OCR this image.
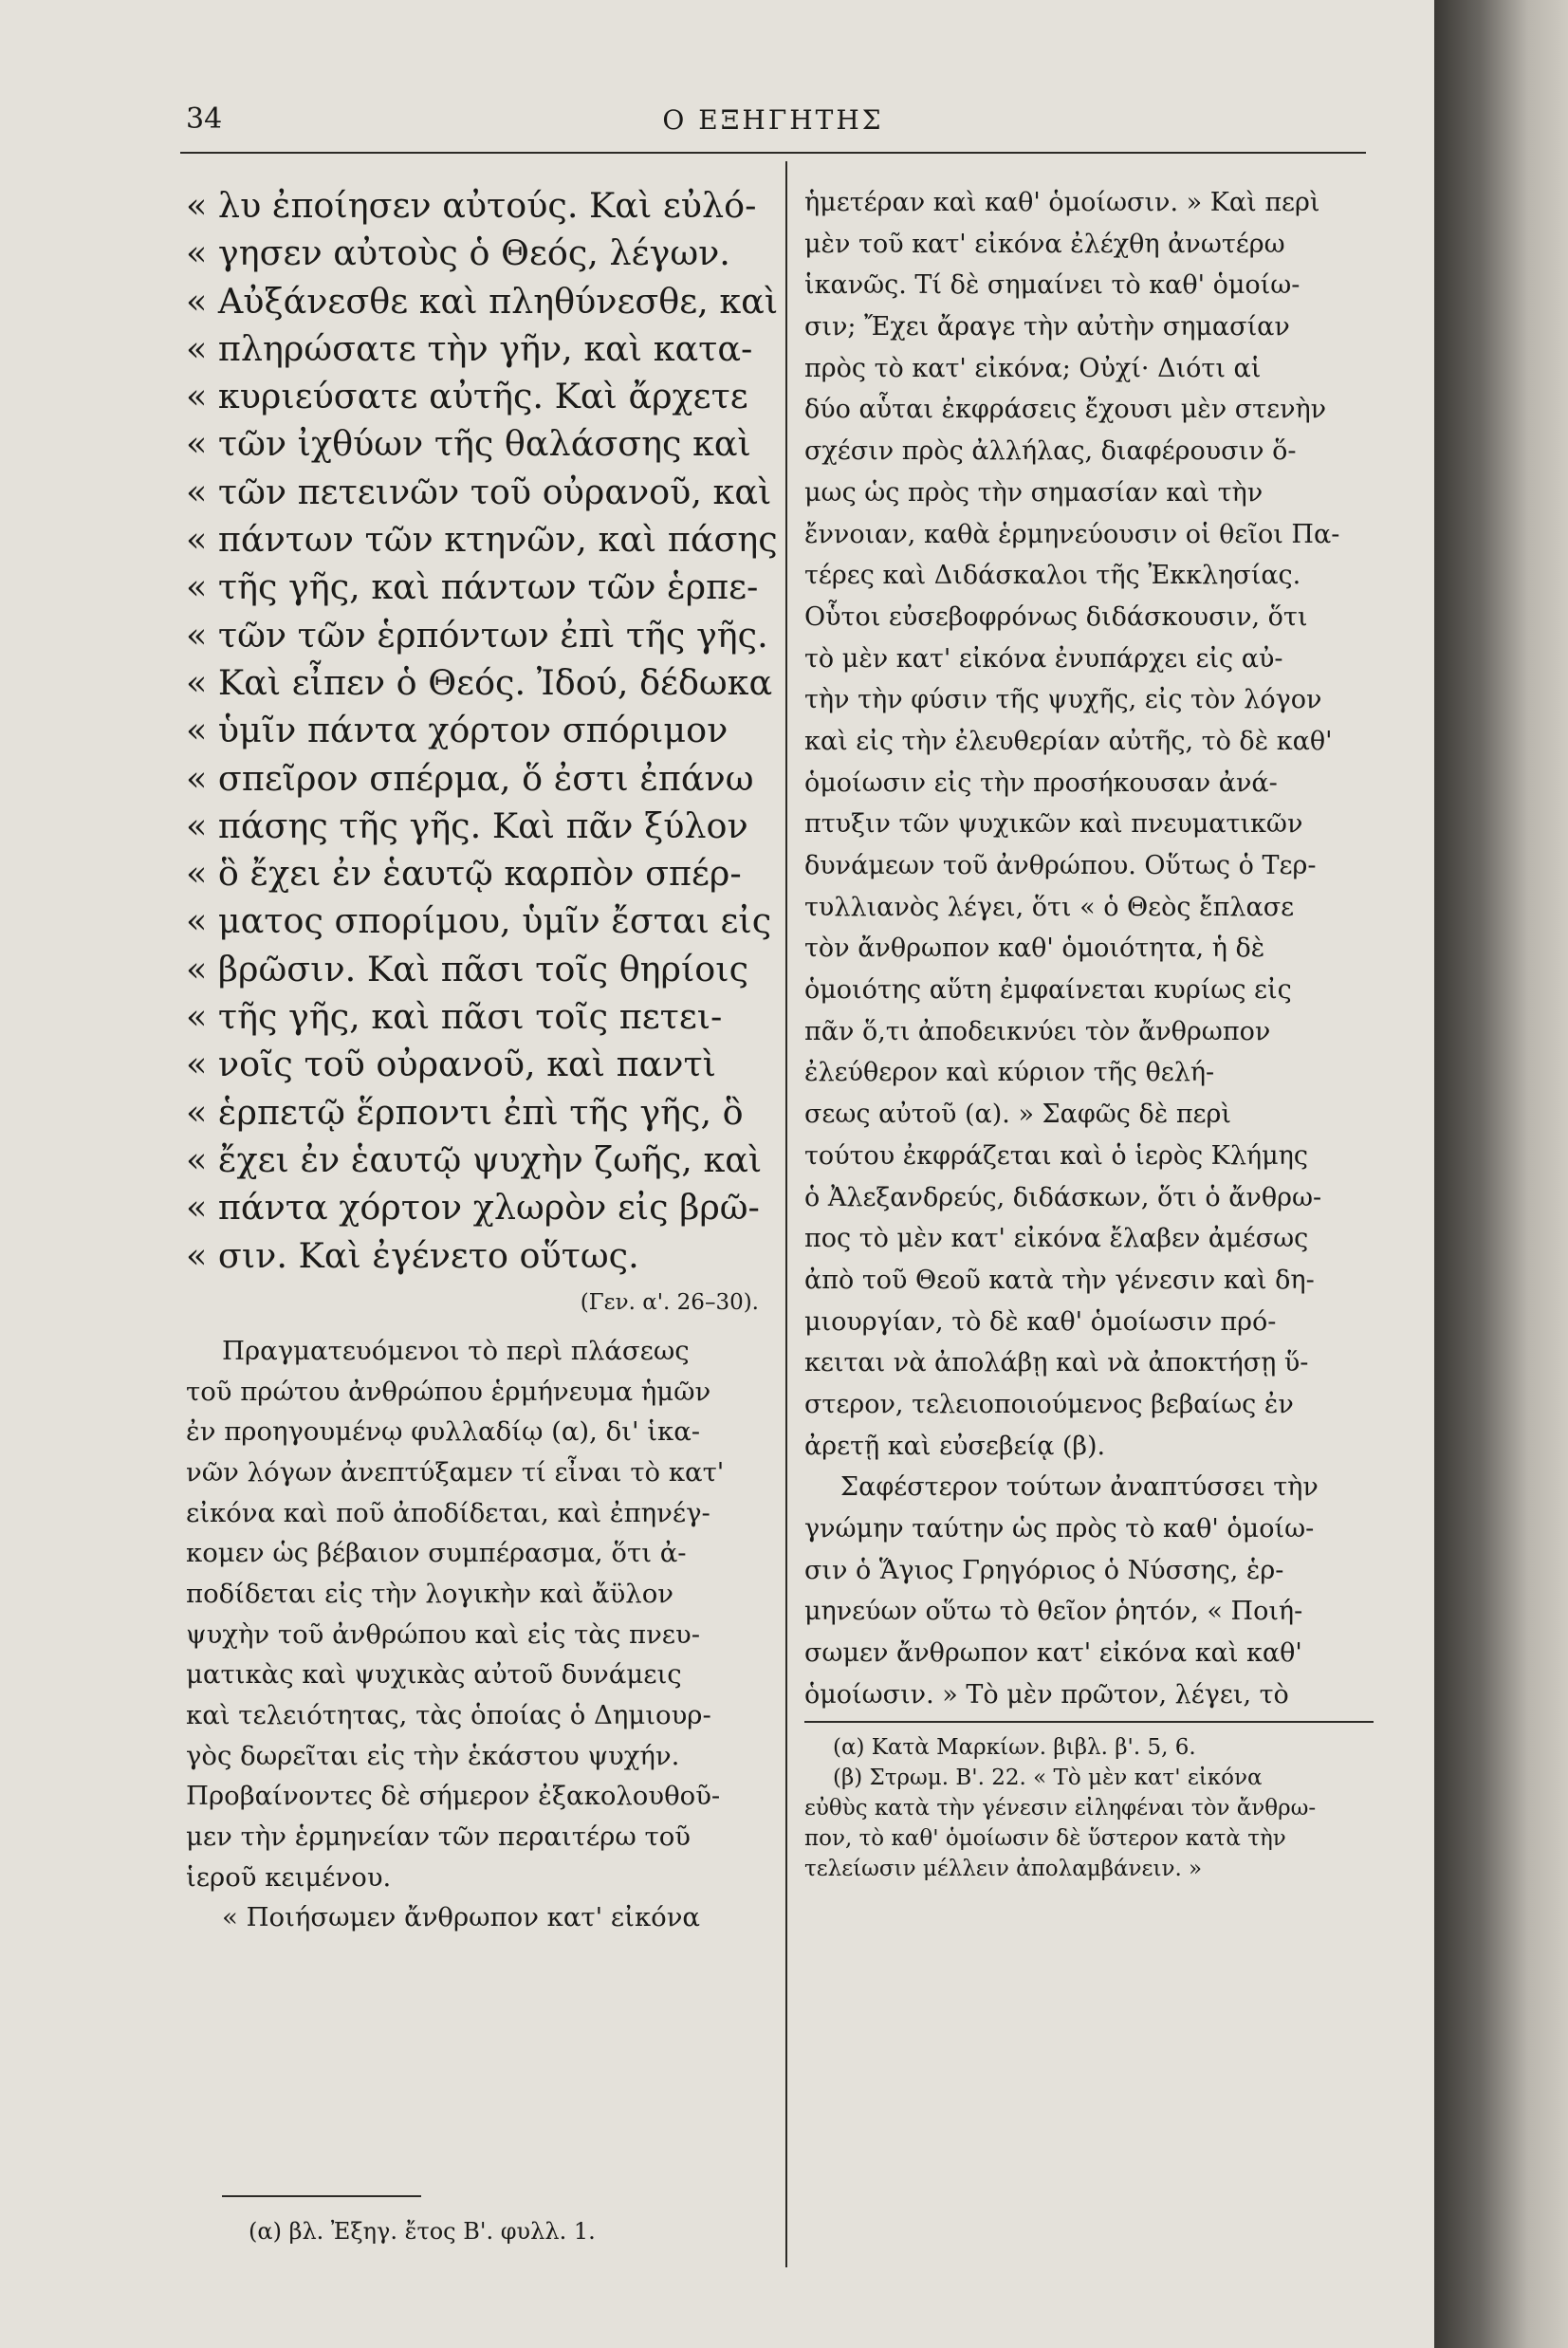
34	Ο ΕΞΗΓΗΤΗΣ
« λυ ἐποίησεν αὐτούς. Καὶ εὐλό-
« γησεν αὐτοὺς ὁ Θεός, λέγων.
« Αὐξάνεσθε καὶ πληθύνεσθε, καὶ
« πληρώσατε τὴν γῆν, καὶ κατα-
« κυριεύσατε αὐτῆς. Καὶ ἄρχετε
« τῶν ἰχθύων τῆς θαλάσσης καὶ
« τῶν πετεινῶν τοῦ οὐρανοῦ, καὶ
« πάντων τῶν κτηνῶν, καὶ πάσης
« τῆς γῆς, καὶ πάντων τῶν ἑρπε-
« τῶν τῶν ἑρπόντων ἐπὶ τῆς γῆς.
« Καὶ εἶπεν ὁ Θεός. Ἰδού, δέδωκα
« ὑμῖν πάντα χόρτον σπόριμον
« σπεῖρον σπέρμα, ὅ ἐστι ἐπάνω
« πάσης τῆς γῆς. Καὶ πᾶν ξύλον
« ὃ ἔχει ἐν ἑαυτῷ καρπὸν σπέρ-
« ματος σπορίμου, ὑμῖν ἔσται εἰς
« βρῶσιν. Καὶ πᾶσι τοῖς θηρίοις
« τῆς γῆς, καὶ πᾶσι τοῖς πετει-
« νοῖς τοῦ οὐρανοῦ, καὶ παντὶ
« ἑρπετῷ ἕρποντι ἐπὶ τῆς γῆς, ὃ
« ἔχει ἐν ἑαυτῷ ψυχὴν ζωῆς, καὶ
« πάντα χόρτον χλωρὸν εἰς βρῶ-
« σιν. Καὶ ἐγένετο οὕτως.
(Γεν. α'. 26–30).
Πραγματευόμενοι τὸ περὶ πλάσεως
τοῦ πρώτου ἀνθρώπου ἑρμήνευμα ἡμῶν
ἐν προηγουμένῳ φυλλαδίῳ (α), δι' ἱκα-
νῶν λόγων ἀνεπτύξαμεν τί εἶναι τὸ κατ'
εἰκόνα καὶ ποῦ ἀποδίδεται, καὶ ἐπηνέγ-
κομεν ὡς βέβαιον συμπέρασμα, ὅτι ἀ-
ποδίδεται εἰς τὴν λογικὴν καὶ ἄϋλον
ψυχὴν τοῦ ἀνθρώπου καὶ εἰς τὰς πνευ-
ματικὰς καὶ ψυχικὰς αὐτοῦ δυνάμεις
καὶ τελειότητας, τὰς ὁποίας ὁ Δημιουρ-
γὸς δωρεῖται εἰς τὴν ἑκάστου ψυχήν.
Προβαίνοντες δὲ σήμερον ἐξακολουθοῦ-
μεν τὴν ἑρμηνείαν τῶν περαιτέρω τοῦ
ἱεροῦ κειμένου.
« Ποιήσωμεν ἄνθρωπον κατ' εἰκόνα
(α) βλ. Ἐξηγ. ἔτος Β'. φυλλ. 1.
ἡμετέραν καὶ καθ' ὁμοίωσιν. » Καὶ περὶ
μὲν τοῦ κατ' εἰκόνα ἐλέχθη ἀνωτέρω
ἱκανῶς. Τί δὲ σημαίνει τὸ καθ' ὁμοίω-
σιν; Ἔχει ἄραγε τὴν αὐτὴν σημασίαν
πρὸς τὸ κατ' εἰκόνα; Οὐχί· Διότι αἱ
δύο αὗται ἐκφράσεις ἔχουσι μὲν στενὴν
σχέσιν πρὸς ἀλλήλας, διαφέρουσιν ὅ-
μως ὡς πρὸς τὴν σημασίαν καὶ τὴν
ἔννοιαν, καθὰ ἑρμηνεύουσιν οἱ θεῖοι Πα-
τέρες καὶ Διδάσκαλοι τῆς Ἐκκλησίας.
Οὗτοι εὐσεβοφρόνως διδάσκουσιν, ὅτι
τὸ μὲν κατ' εἰκόνα ἐνυπάρχει εἰς αὐ-
τὴν τὴν φύσιν τῆς ψυχῆς, εἰς τὸν λόγον
καὶ εἰς τὴν ἐλευθερίαν αὐτῆς, τὸ δὲ καθ'
ὁμοίωσιν εἰς τὴν προσήκουσαν ἀνά-
πτυξιν τῶν ψυχικῶν καὶ πνευματικῶν
δυνάμεων τοῦ ἀνθρώπου. Οὕτως ὁ Τερ-
τυλλιανὸς λέγει, ὅτι « ὁ Θεὸς ἔπλασε
τὸν ἄνθρωπον καθ' ὁμοιότητα, ἡ δὲ
ὁμοιότης αὕτη ἐμφαίνεται κυρίως εἰς
πᾶν ὅ,τι ἀποδεικνύει τὸν ἄνθρωπον
ἐλεύθερον καὶ κύριον τῆς θελή-
σεως αὐτοῦ (α). » Σαφῶς δὲ περὶ
τούτου ἐκφράζεται καὶ ὁ ἱερὸς Κλήμης
ὁ Ἀλεξανδρεύς, διδάσκων, ὅτι ὁ ἄνθρω-
πος τὸ μὲν κατ' εἰκόνα ἔλαβεν ἀμέσως
ἀπὸ τοῦ Θεοῦ κατὰ τὴν γένεσιν καὶ δη-
μιουργίαν, τὸ δὲ καθ' ὁμοίωσιν πρό-
κειται νὰ ἀπολάβῃ καὶ νὰ ἀποκτήσῃ ὕ-
στερον, τελειοποιούμενος βεβαίως ἐν
ἀρετῇ καὶ εὐσεβείᾳ (β).
Σαφέστερον τούτων ἀναπτύσσει τὴν
γνώμην ταύτην ὡς πρὸς τὸ καθ' ὁμοίω-
σιν ὁ Ἅγιος Γρηγόριος ὁ Νύσσης, ἑρ-
μηνεύων οὕτω τὸ θεῖον ῥητόν, « Ποιή-
σωμεν ἄνθρωπον κατ' εἰκόνα καὶ καθ'
ὁμοίωσιν. » Τὸ μὲν πρῶτον, λέγει, τὸ
(α) Κατὰ Μαρκίων. βιβλ. β'. 5, 6.
(β) Στρωμ. Β'. 22. « Τὸ μὲν κατ' εἰκόνα
εὐθὺς κατὰ τὴν γένεσιν εἰληφέναι τὸν ἄνθρω-
πον, τὸ καθ' ὁμοίωσιν δὲ ὕστερον κατὰ τὴν
τελείωσιν μέλλειν ἀπολαμβάνειν. »
